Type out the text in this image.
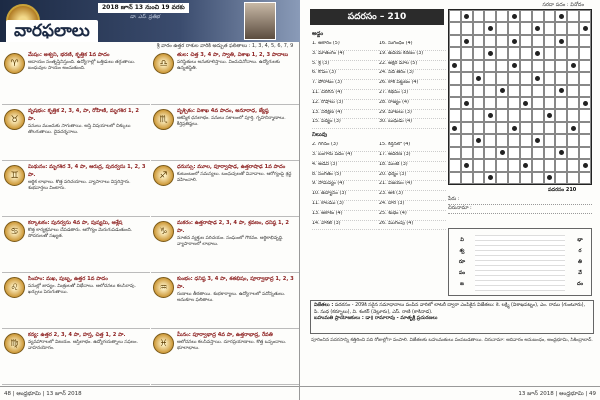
వారఫలాలు
2018 జూన్ 13 నుంచి 19 వరకు
డా. ఎస్. ప్రతిభ
శ్రీ వారం ఉత్తర రాశుల వారికి అద్భుత ఫలితాలు : 1, 3, 4, 5, 6, 7, 9
♈
మేషం: అశ్వని, భరణి, కృత్తిక 1వ పాదం
ఆదాయం సంతృప్తినిస్తుంది. ఉద్యోగాల్లో ఒత్తిడులు తగ్గుతాయి. బంధువుల సాయం అందుతుంది.
♉
వృషభం: కృత్తిక 2, 3, 4, పా, రోహిణి, మృగశిర 1, 2 పా.
పనులు ముందుకు సాగుతాయి. ఆస్తి విషయాలలో చిక్కులు తొలగుతాయి. దైవదర్శనాలు.
♊
మిథునం: మృగశిర 3, 4 పా, ఆరుద్ర, పునర్వసు 1, 2, 3 పా.
ఆర్థిక లాభాలు. కొత్త పరిచయాలు. వ్యాపారాలు విస్తరిస్తారు. శుభవార్తలు వింటారు.
♋
కర్కాటకం: పునర్వసు 4వ పా, పుష్యమి, ఆశ్లేష
కొత్త కార్యక్రమాలు చేపడతారు. ఆరోగ్యం మెరుగుపడుతుంది. సోదరులతో సఖ్యత.
♌
సింహం: మఖ, పుబ్బ, ఉత్తర 1వ పాదం
పనుల్లో జాప్యం. మిత్రులతో విభేదాలు. ఆలోచనలు కలసిరావు. ఖర్చులు పెరుగుతాయి.
♍
కన్య: ఉత్తర 2, 3, 4 పా, హస్త, చిత్త 1, 2 పా.
వ్యవహారాలలో విజయం. ఆస్తిలాభం. ఉద్యోగయత్నాలు సఫలం. వాహనయోగం.
♎
తుల: చిత్త 3, 4 పా, స్వాతి, విశాఖ 1, 2, 3 పాదాలు
పరిస్థితులు అనుకూలిస్తాయి. విందువినోదాలు. ఉద్యోగులకు ఉన్నతస్థితి.
♏
వృశ్చికం: విశాఖ 4వ పాదం, అనూరాధ, జ్యేష్ఠ
ఆకస్మిక ధనలాభం. పనులు సకాలంలో పూర్తి. గృహనిర్మాణాలు. కీర్తిప్రతిష్ఠలు.
♐
ధనుస్సు: మూల, పూర్వాషాఢ, ఉత్తరాషాఢ 1వ పాదం
కుటుంబంలో సమస్యలు. బంధువులతో వివాదాలు. ఆరోగ్యంపై శ్రద్ధ వహించాలి.
♑
మకరం: ఉత్తరాషాఢ 2, 3, 4 పా, శ్రవణం, ధనిష్ఠ 1, 2 పా.
నూతన వ్యక్తుల పరిచయం. సంఘంలో గౌరవం. ఆర్థికాభివృద్ధి. వ్యాపారాలలో లాభాలు.
♒
కుంభం: ధనిష్ఠ 3, 4 పా, శతభిషం, పూర్వాభాద్ర 1, 2, 3 పా.
రుణాలు తీరతాయి. శుభకార్యాలు. ఉద్యోగాలలో పదోన్నతులు. అనుకూల ఫలితాలు.
♓
మీనం: పూర్వాభాద్ర 4వ పా, ఉత్తరాభాద్ర, రేవతి
ఆలోచనలు కలసివస్తాయి. దూరప్రయాణాలు. కొత్త ఒప్పందాలు. భూలాభాలు.
48 | ఆంధ్రభూమి | 13 జూన్ 2018
సరదా పదం : వినోదం
పదరసం – 210
అడ్డం
1. అకారం (5)
3. మాతంగం (4)
5. శ్రీ (3)
6. కోపం (3)
7. పోరాటం (3)
11. చిరిగిన (4)
12. రోషాలు (3)
13. నిరీక్షణ (4)
15. పద్యం (3)
16. సుగంధం (4)
19. ఉదయ కిరణం (3)
22. అక్షర మాల (5)
24. నదీ తీరం (3)
26. కాశీ పట్టణం (4)
27. కథనం (3)
28. రాజ్యం (4)
29. మాటలు (3)
30. బుధుడు (4)
నిలువు
2. గగనం (3)
3. బంగారు పదం (4)
4. అడవి (3)
8. సంగీతం (5)
9. సామీప్యం (4)
10. ఉద్యానం (3)
11. కాలము (3)
13. ఆకాశం (4)
14. వాకిలి (3)
15. కీర్తనలో (4)
17. ఆదరణ (3)
18. మంటి (3)
20. ధర్మం (3)
21. విజయం (4)
23. ఆశ (3)
24. దారి (3)
25. శుభం (4)
26. ముగింపు (4)
పదరసం 210
పేరు :
చిరునామా :
వి
శ్వ
రూ
పం
జ
భా
ర
తి
వే
దం
విజేతలు : పదరసం - 209కి సరైన సమాధానాలు పంపిన వారిలో లాటరీ ద్వారా ఎంపికైన విజేతలు: కె. లక్ష్మి (విశాఖపట్నం), ఎం. రాము (గుంటూరు), పి. సుధ (కర్నూలు), వి. శంకర్ (నెల్లూరు), ఎస్. రాణి (కాకినాడ).
బహుమతి ప్రాయోజకులు : డా॥ రామారావు - మాతృశ్రీ ప్రచురణలు
పూరించిన పదరసాన్ని కత్తిరించి పది రోజుల్లోగా పంపాలి. విజేతలకు బహుమతులు పంపబడతాయి. చిరునామా: ఆదివారం అనుబంధం, ఆంధ్రభూమి, సికింద్రాబాద్.
13 జూన్ 2018 | ఆంధ్రభూమి | 49
